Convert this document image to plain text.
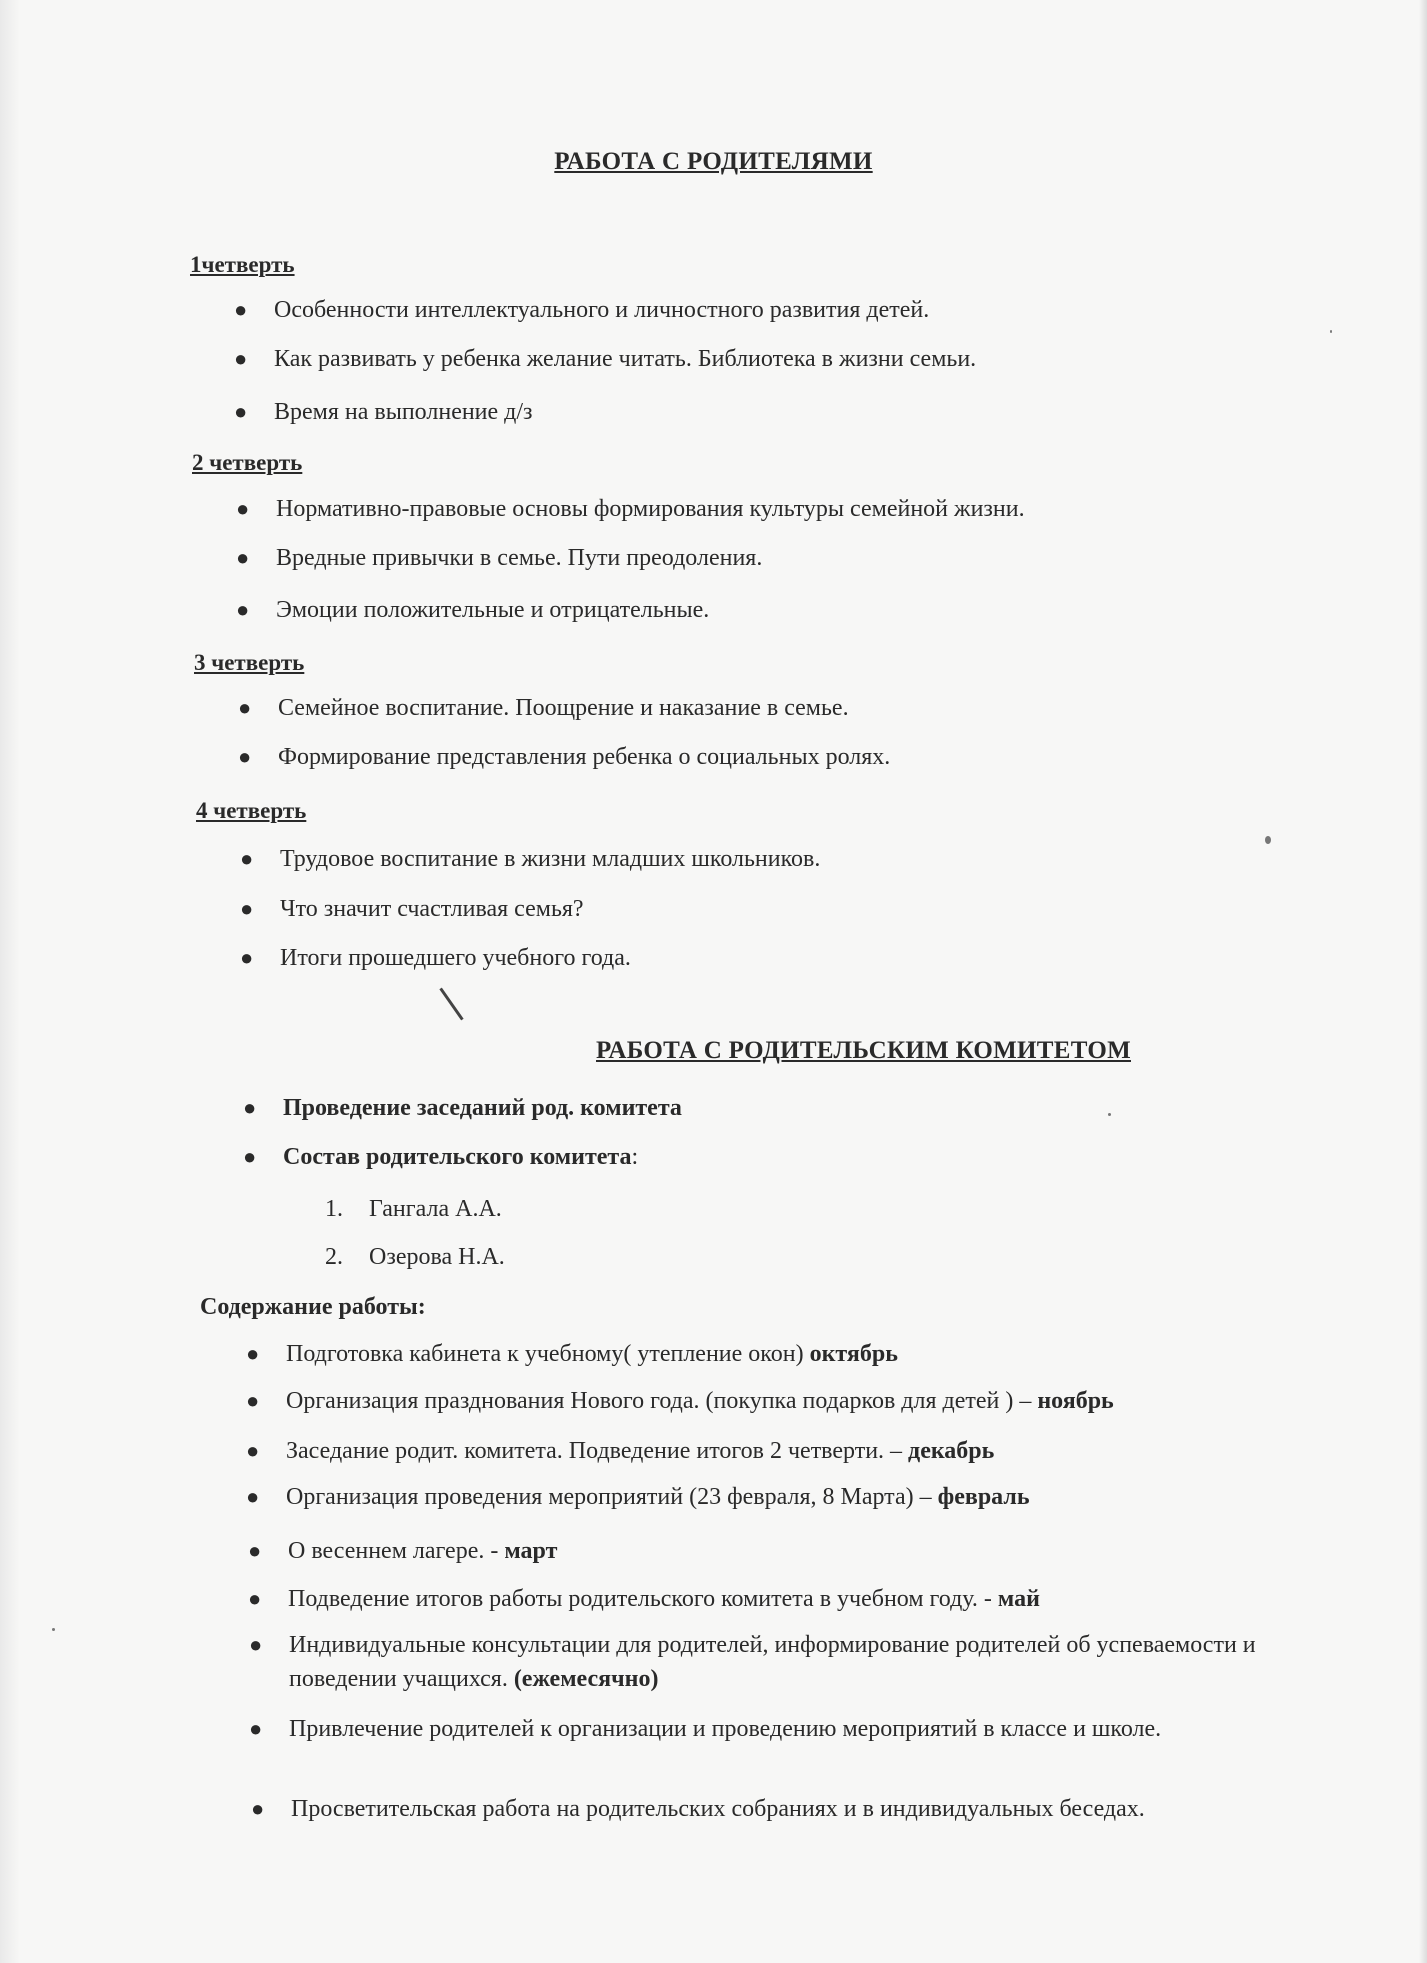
РАБОТА С РОДИТЕЛЯМИ
1четверть
● Особенности интеллектуального и личностного развития детей.
● Как развивать у ребенка желание читать. Библиотека в жизни семьи.
● Время на выполнение д/з
2 четверть
● Нормативно-правовые основы формирования культуры семейной жизни.
● Вредные привычки в семье. Пути преодоления.
● Эмоции положительные и отрицательные.
3 четверть
● Семейное воспитание. Поощрение и наказание в семье.
● Формирование представления ребенка о социальных ролях.
4 четверть
● Трудовое воспитание в жизни младших школьников.
● Что значит счастливая семья?
● Итоги прошедшего учебного года.
РАБОТА С РОДИТЕЛЬСКИМ КОМИТЕТОМ
● Проведение заседаний род. комитета
● Состав родительского комитета:
1. Гангала А.А.
2. Озерова Н.А.
Содержание работы:
● Подготовка кабинета к учебному( утепление окон) октябрь
● Организация празднования Нового года. (покупка подарков для детей ) – ноябрь
● Заседание родит. комитета. Подведение итогов 2 четверти. – декабрь
● Организация проведения мероприятий (23 февраля, 8 Марта) – февраль
● О весеннем лагере. - март
● Подведение итогов работы родительского комитета в учебном году. - май
● Индивидуальные консультации для родителей, информирование родителей об успеваемости и поведении учащихся. (ежемесячно)
● Привлечение родителей к организации и проведению мероприятий в классе и школе.
● Просветительская работа на родительских собраниях и в индивидуальных беседах.
